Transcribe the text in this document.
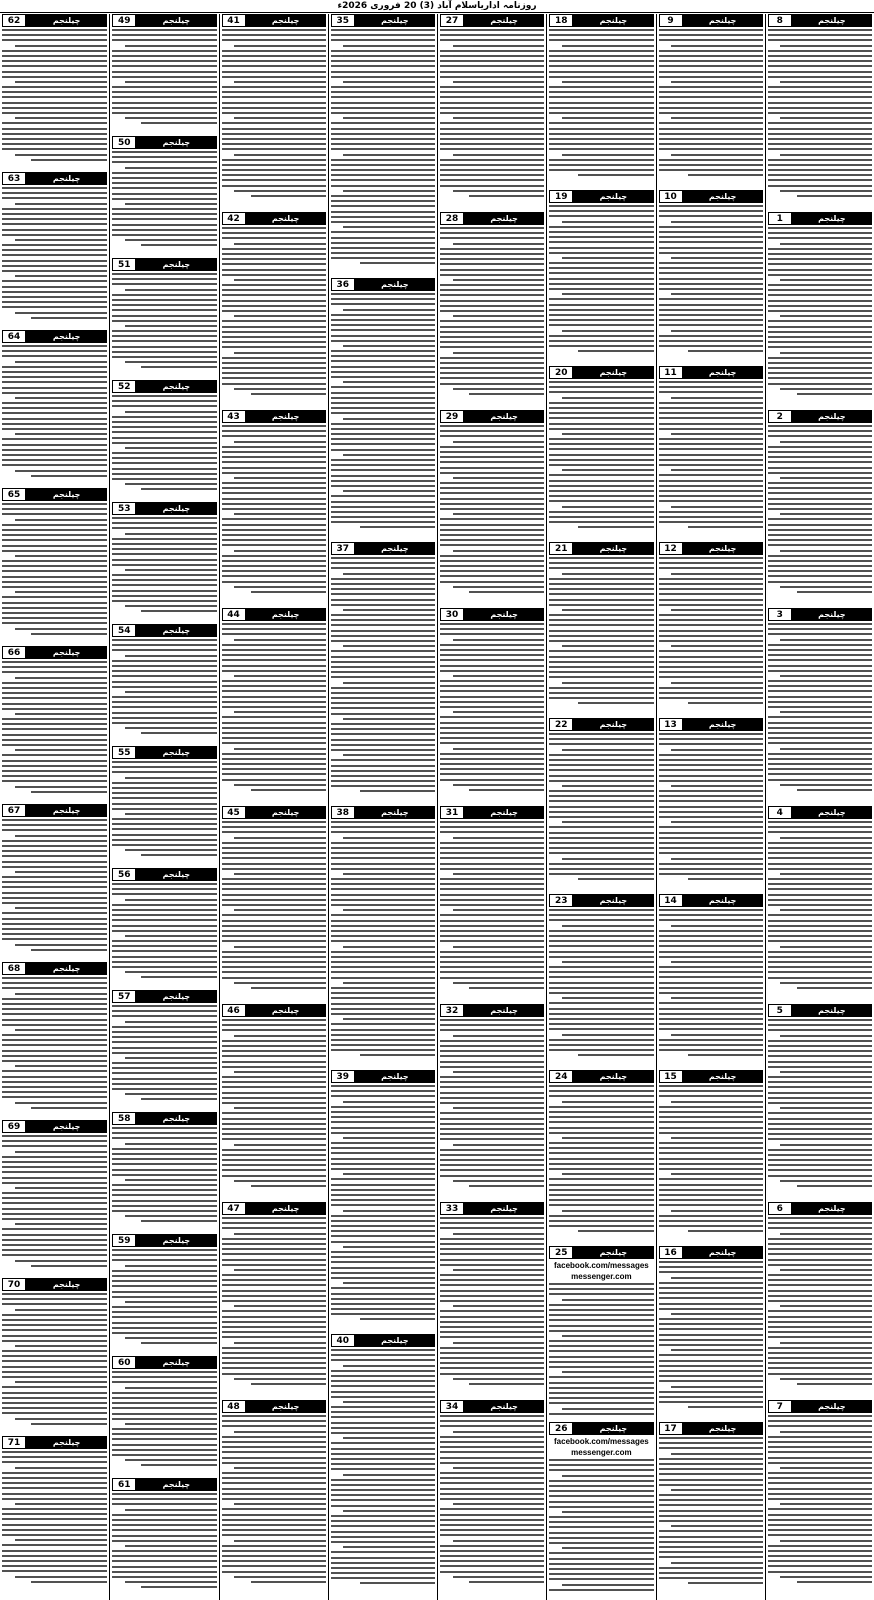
روزنامہ اداریاسلام آباد (3) 20 فروری 2026ء
چیلنجم
8
چیلنجم
1
چیلنجم
2
چیلنجم
3
چیلنجم
4
چیلنجم
5
چیلنجم
6
چیلنجم
7
چیلنجم
9
چیلنجم
10
چیلنجم
11
چیلنجم
12
چیلنجم
13
چیلنجم
14
چیلنجم
15
چیلنجم
16
چیلنجم
17
چیلنجم
18
چیلنجم
19
چیلنجم
20
چیلنجم
21
چیلنجم
22
چیلنجم
23
چیلنجم
24
چیلنجم
25
facebook.com/messages
messenger.com
چیلنجم
26
facebook.com/messages
messenger.com
چیلنجم
27
چیلنجم
28
چیلنجم
29
چیلنجم
30
چیلنجم
31
چیلنجم
32
چیلنجم
33
چیلنجم
34
چیلنجم
35
چیلنجم
36
چیلنجم
37
چیلنجم
38
چیلنجم
39
چیلنجم
40
چیلنجم
41
چیلنجم
42
چیلنجم
43
چیلنجم
44
چیلنجم
45
چیلنجم
46
چیلنجم
47
چیلنجم
48
چیلنجم
49
چیلنجم
50
چیلنجم
51
چیلنجم
52
چیلنجم
53
چیلنجم
54
چیلنجم
55
چیلنجم
56
چیلنجم
57
چیلنجم
58
چیلنجم
59
چیلنجم
60
چیلنجم
61
چیلنجم
62
چیلنجم
63
چیلنجم
64
چیلنجم
65
چیلنجم
66
چیلنجم
67
چیلنجم
68
چیلنجم
69
چیلنجم
70
چیلنجم
71
